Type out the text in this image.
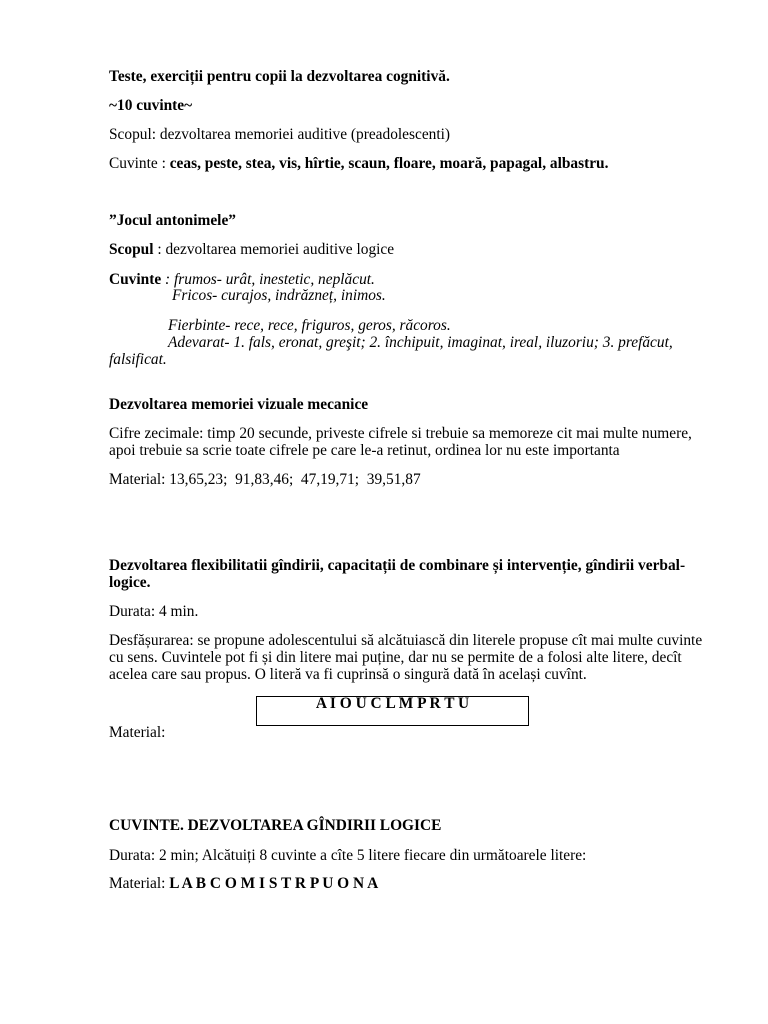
Teste, exerciții pentru copii la dezvoltarea cognitivă.
~10 cuvinte~
Scopul: dezvoltarea memoriei auditive (preadolescenti)
Cuvinte : ceas, peste, stea, vis, hîrtie, scaun, floare, moară, papagal, albastru.
”Jocul antonimele”
Scopul : dezvoltarea memoriei auditive logice
Cuvinte : frumos- urât, inestetic, neplăcut.
Fricos- curajos, indrăzneț, inimos.
Fierbinte- rece, rece, friguros, geros, răcoros.
Adevarat- 1. fals, eronat, greşit; 2. închipuit, imaginat, ireal, iluzoriu; 3. prefăcut,
falsificat.
Dezvoltarea memoriei vizuale mecanice
Cifre zecimale: timp 20 secunde, priveste cifrele si trebuie sa memoreze cit mai multe numere,
apoi trebuie sa scrie toate cifrele pe care le-a retinut, ordinea lor nu este importanta
Material: 13,65,23;  91,83,46;  47,19,71;  39,51,87
Dezvoltarea flexibilitatii gîndirii, capacitații de combinare și intervenție, gîndirii verbal-
logice.
Durata: 4 min.
Desfășurarea: se propune adolescentului să alcătuiască din literele propuse cît mai multe cuvinte
cu sens. Cuvintele pot fi și din litere mai puține, dar nu se permite de a folosi alte litere, decît
acelea care sau propus. O literă va fi cuprinsă o singură dată în același cuvînt.
A I O U C L M P R T U
Material:
CUVINTE. DEZVOLTAREA GÎNDIRII LOGICE
Durata: 2 min; Alcătuiți 8 cuvinte a cîte 5 litere fiecare din următoarele litere:
Material: L A B C O M I S T R P U O N A
